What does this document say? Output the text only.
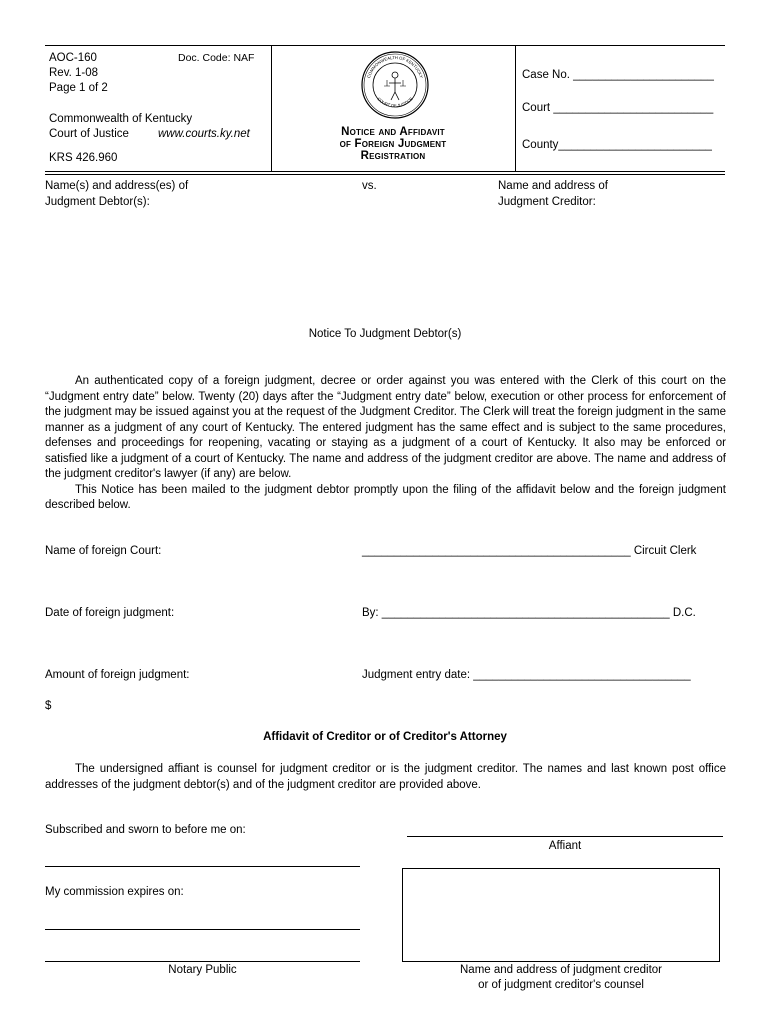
AOC-160	Doc. Code: NAF
Rev. 1-08
Page 1 of 2
Commonwealth of Kentucky
Court of Justice	www.courts.ky.net
KRS 426.960
COMMONWEALTH OF KENTUCKY
COURT OF JUSTICE
Notice and Affidavit
of Foreign Judgment
Registration
Case No. ______________________
Court _________________________
County________________________
Name(s) and address(es) of
Judgment Debtor(s):
vs.	Name and address of
Judgment Creditor:
Notice To Judgment Debtor(s)

An authenticated copy of a foreign judgment, decree or order against you was entered with the Clerk of this court on the “Judgment entry date” below. Twenty (20) days after the “Judgment entry date” below, execution or other process for enforcement of the judgment may be issued against you at the request of the Judgment Creditor. The Clerk will treat the foreign judgment in the same manner as a judgment of any court of Kentucky. The entered judgment has the same effect and is subject to the same procedures, defenses and proceedings for reopening, vacating or staying as a judgment of a court of Kentucky. It also may be enforced or satisfied like a judgment of a court of Kentucky. The name and address of the judgment creditor are above. The name and address of the judgment creditor's lawyer (if any) are below.

This Notice has been mailed to the judgment debtor promptly upon the filing of the affidavit below and the foreign judgment described below.

Name of foreign Court:	__________________________________________ Circuit Clerk
Date of foreign judgment:	By: _____________________________________________ D.C.
Amount of foreign judgment:	Judgment entry date: __________________________________
$
Affidavit of Creditor or of Creditor's Attorney

The undersigned affiant is counsel for judgment creditor or is the judgment creditor. The names and last known post office addresses of the judgment debtor(s) and of the judgment creditor are provided above.

Subscribed and sworn to before me on:
Affiant
My commission expires on:
Notary Public	Name and address of judgment creditor
or of judgment creditor's counsel
